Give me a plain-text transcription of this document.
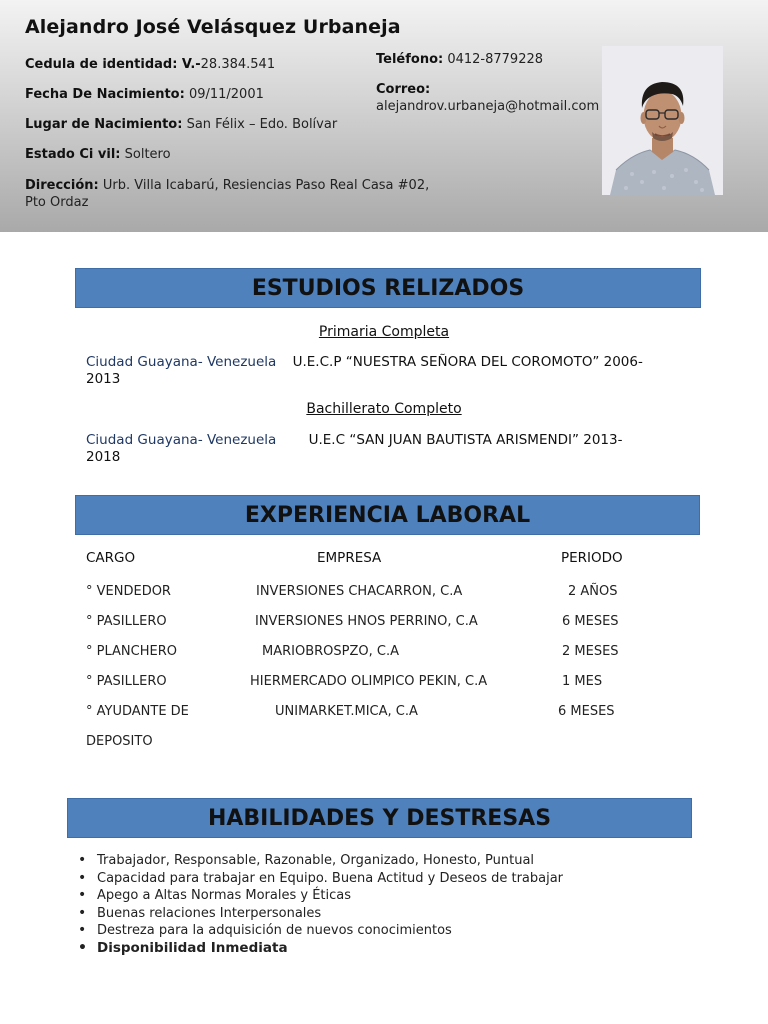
Alejandro José Velásquez Urbaneja
Cedula de identidad: V.-28.384.541
Fecha De Nacimiento: 09/11/2001
Lugar de Nacimiento: San Félix – Edo. Bolívar
Estado Ci vil: Soltero
Dirección: Urb. Villa Icabarú, Resiencias Paso Real Casa #02,
Pto Ordaz
Teléfono: 0412-8779228
Correo:
alejandrov.urbaneja@hotmail.com
ESTUDIOS RELIZADOS
Primaria Completa
Ciudad Guayana- Venezuela U.E.C.P “NUESTRA SEÑORA DEL COROMOTO” 2006-
2013
Bachillerato Completo
Ciudad Guayana- Venezuela U.E.C “SAN JUAN BAUTISTA ARISMENDI” 2013-
2018
EXPERIENCIA LABORAL
CARGO	EMPRESA	PERIODO
° VENDEDOR	INVERSIONES CHACARRON, C.A	2 AÑOS
° PASILLERO	INVERSIONES HNOS PERRINO, C.A	6 MESES
° PLANCHERO	MARIOBROSPZO, C.A	2 MESES
° PASILLERO	HIERMERCADO OLIMPICO PEKIN, C.A	1 MES
° AYUDANTE DE	UNIMARKET.MICA, C.A	6 MESES
DEPOSITO
HABILIDADES Y DESTRESAS
• Trabajador, Responsable, Razonable, Organizado, Honesto, Puntual
• Capacidad para trabajar en Equipo. Buena Actitud y Deseos de trabajar
• Apego a Altas Normas Morales y Éticas
• Buenas relaciones Interpersonales
• Destreza para la adquisición de nuevos conocimientos
• Disponibilidad Inmediata
